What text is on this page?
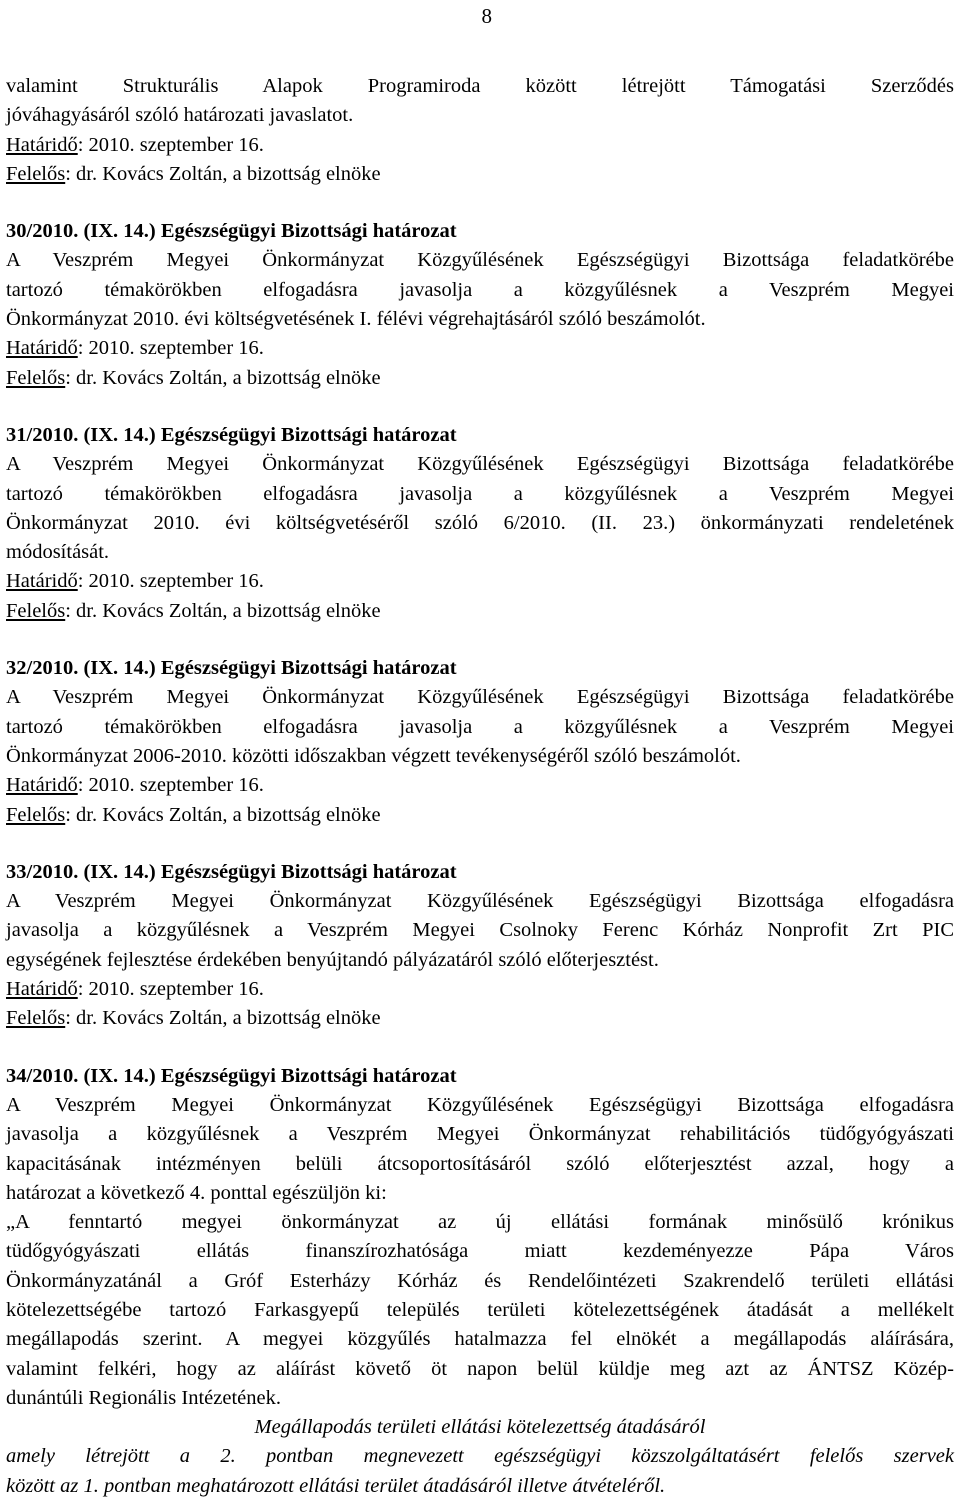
8

valamint Strukturális Alapok Programiroda között létrejött Támogatási Szerződés

jóváhagyásáról szóló határozati javaslatot.

Határidő: 2010. szeptember 16.

Felelős: dr. Kovács Zoltán, a bizottság elnöke

30/2010. (IX. 14.) Egészségügyi Bizottsági határozat

A Veszprém Megyei Önkormányzat Közgyűlésének Egészségügyi Bizottsága feladatkörébe

tartozó témakörökben elfogadásra javasolja a közgyűlésnek a Veszprém Megyei

Önkormányzat 2010. évi költségvetésének I. félévi végrehajtásáról szóló beszámolót.

Határidő: 2010. szeptember 16.

Felelős: dr. Kovács Zoltán, a bizottság elnöke

31/2010. (IX. 14.) Egészségügyi Bizottsági határozat

A Veszprém Megyei Önkormányzat Közgyűlésének Egészségügyi Bizottsága feladatkörébe

tartozó témakörökben elfogadásra javasolja a közgyűlésnek a Veszprém Megyei

Önkormányzat 2010. évi költségvetéséről szóló 6/2010. (II. 23.) önkormányzati rendeletének

módosítását.

Határidő: 2010. szeptember 16.

Felelős: dr. Kovács Zoltán, a bizottság elnöke

32/2010. (IX. 14.) Egészségügyi Bizottsági határozat

A Veszprém Megyei Önkormányzat Közgyűlésének Egészségügyi Bizottsága feladatkörébe

tartozó témakörökben elfogadásra javasolja a közgyűlésnek a Veszprém Megyei

Önkormányzat 2006-2010. közötti időszakban végzett tevékenységéről szóló beszámolót.

Határidő: 2010. szeptember 16.

Felelős: dr. Kovács Zoltán, a bizottság elnöke

33/2010. (IX. 14.) Egészségügyi Bizottsági határozat

A Veszprém Megyei Önkormányzat Közgyűlésének Egészségügyi Bizottsága elfogadásra

javasolja a közgyűlésnek a Veszprém Megyei Csolnoky Ferenc Kórház Nonprofit Zrt PIC

egységének fejlesztése érdekében benyújtandó pályázatáról szóló előterjesztést.

Határidő: 2010. szeptember 16.

Felelős: dr. Kovács Zoltán, a bizottság elnöke

34/2010. (IX. 14.) Egészségügyi Bizottsági határozat

A Veszprém Megyei Önkormányzat Közgyűlésének Egészségügyi Bizottsága elfogadásra

javasolja a közgyűlésnek a Veszprém Megyei Önkormányzat rehabilitációs tüdőgyógyászati

kapacitásának intézményen belüli átcsoportosításáról szóló előterjesztést azzal, hogy a

határozat a következő 4. ponttal egészüljön ki:

„A fenntartó megyei önkormányzat az új ellátási formának minősülő krónikus

tüdőgyógyászati ellátás finanszírozhatósága miatt kezdeményezze Pápa Város

Önkormányzatánál a Gróf Esterházy Kórház és Rendelőintézeti Szakrendelő területi ellátási

kötelezettségébe tartozó Farkasgyepű település területi kötelezettségének átadását a mellékelt

megállapodás szerint. A megyei közgyűlés hatalmazza fel elnökét a megállapodás aláírására,

valamint felkéri, hogy az aláírást követő öt napon belül küldje meg azt az ÁNTSZ Közép-

dunántúli Regionális Intézetének.

Megállapodás területi ellátási kötelezettség átadásáról

amely létrejött a 2. pontban megnevezett egészségügyi közszolgáltatásért felelős szervek

között az 1. pontban meghatározott ellátási terület átadásáról illetve átvételéről.
